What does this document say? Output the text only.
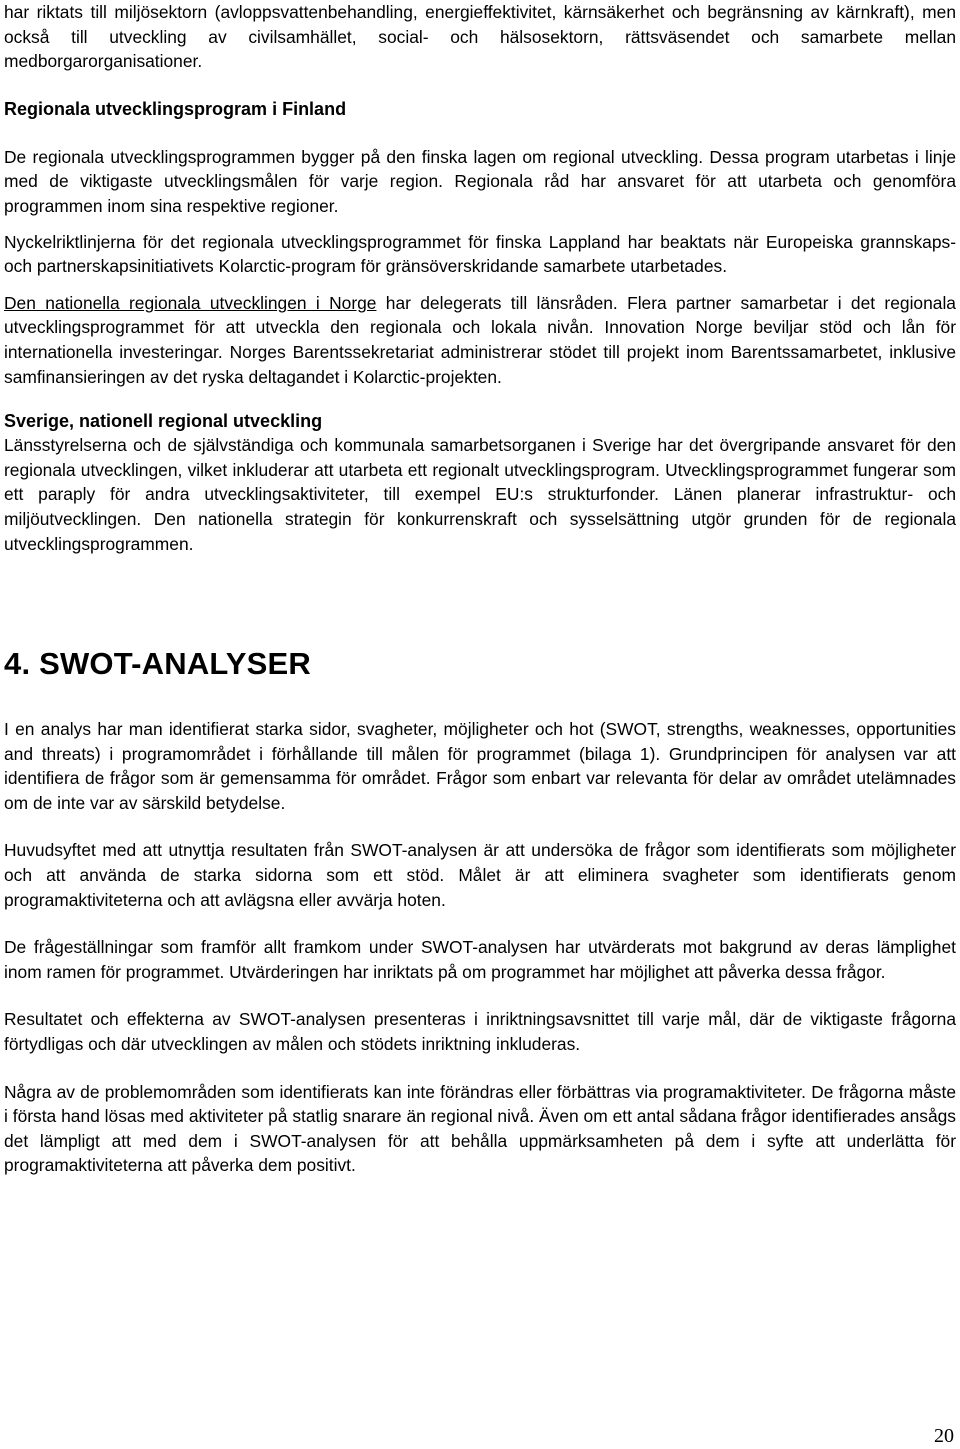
har riktats till miljösektorn (avloppsvattenbehandling, energieffektivitet, kärnsäkerhet och begränsning av kärnkraft), men också till utveckling av civilsamhället, social- och hälsosektorn, rättsväsendet och samarbete mellan medborgarorganisationer.

Regionala utvecklingsprogram i Finland

De regionala utvecklingsprogrammen bygger på den finska lagen om regional utveckling. Dessa program utarbetas i linje med de viktigaste utvecklingsmålen för varje region. Regionala råd har ansvaret för att utarbeta och genomföra programmen inom sina respektive regioner.

Nyckelriktlinjerna för det regionala utvecklingsprogrammet för finska Lappland har beaktats när Europeiska grannskaps- och partnerskapsinitiativets Kolarctic-program för gränsöverskridande samarbete utarbetades.

Den nationella regionala utvecklingen i Norge har delegerats till länsråden. Flera partner samarbetar i det regionala utvecklingsprogrammet för att utveckla den regionala och lokala nivån. Innovation Norge beviljar stöd och lån för internationella investeringar. Norges Barentssekretariat administrerar stödet till projekt inom Barentssamarbetet, inklusive samfinansieringen av det ryska deltagandet i Kolarctic-projekten.

Sverige, nationell regional utveckling

Länsstyrelserna och de självständiga och kommunala samarbetsorganen i Sverige har det övergripande ansvaret för den regionala utvecklingen, vilket inkluderar att utarbeta ett regionalt utvecklingsprogram. Utvecklingsprogrammet fungerar som ett paraply för andra utvecklingsaktiviteter, till exempel EU:s strukturfonder. Länen planerar infrastruktur- och miljöutvecklingen. Den nationella strategin för konkurrenskraft och sysselsättning utgör grunden för de regionala utvecklingsprogrammen.

4. SWOT-ANALYSER

I en analys har man identifierat starka sidor, svagheter, möjligheter och hot (SWOT, strengths, weaknesses, opportunities and threats) i programområdet i förhållande till målen för programmet (bilaga 1). Grundprincipen för analysen var att identifiera de frågor som är gemensamma för området. Frågor som enbart var relevanta för delar av området utelämnades om de inte var av särskild betydelse.

Huvudsyftet med att utnyttja resultaten från SWOT-analysen är att undersöka de frågor som identifierats som möjligheter och att använda de starka sidorna som ett stöd. Målet är att eliminera svagheter som identifierats genom programaktiviteterna och att avlägsna eller avvärja hoten.

De frågeställningar som framför allt framkom under SWOT-analysen har utvärderats mot bakgrund av deras lämplighet inom ramen för programmet. Utvärderingen har inriktats på om programmet har möjlighet att påverka dessa frågor.

Resultatet och effekterna av SWOT-analysen presenteras i inriktningsavsnittet till varje mål, där de viktigaste frågorna förtydligas och där utvecklingen av målen och stödets inriktning inkluderas.

Några av de problemområden som identifierats kan inte förändras eller förbättras via programaktiviteter. De frågorna måste i första hand lösas med aktiviteter på statlig snarare än regional nivå. Även om ett antal sådana frågor identifierades ansågs det lämpligt att med dem i SWOT-analysen för att behålla uppmärksamheten på dem i syfte att underlätta för programaktiviteterna att påverka dem positivt.

20
